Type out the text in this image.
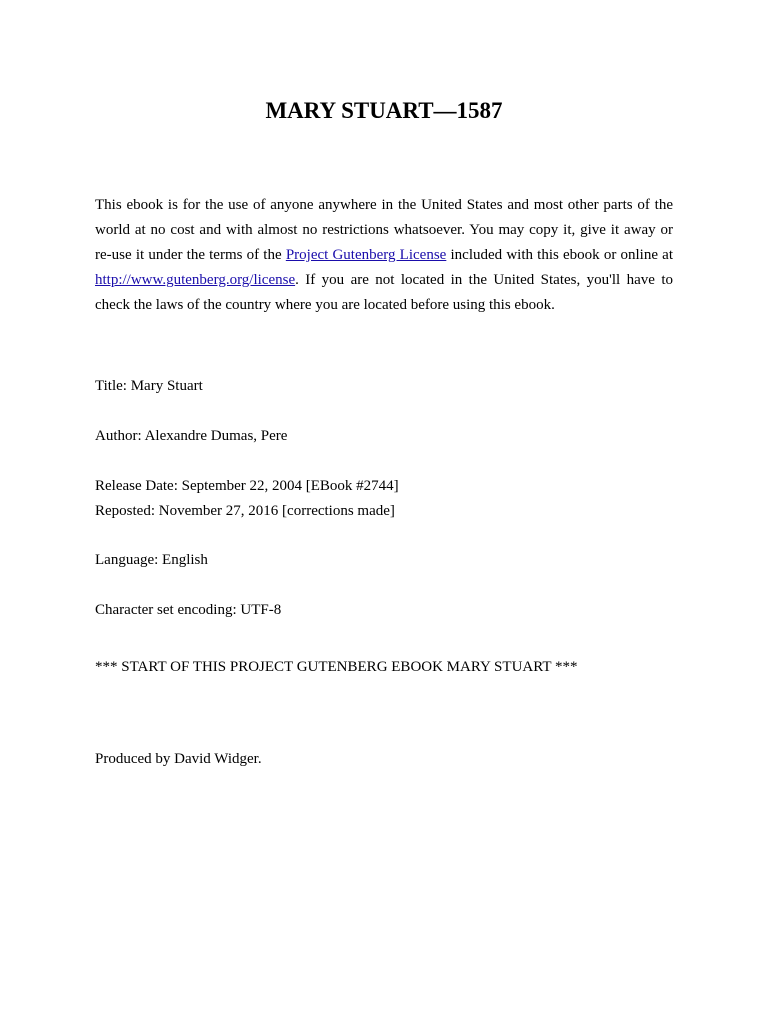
MARY STUART—1587

This ebook is for the use of anyone anywhere in the United States and most other parts of the world at no cost and with almost no restrictions whatsoever. You may copy it, give it away or re-use it under the terms of the Project Gutenberg License included with this ebook or online at http://www.gutenberg.org/license. If you are not located in the United States, you'll have to check the laws of the country where you are located before using this ebook.

Title: Mary Stuart

Author: Alexandre Dumas, Pere

Release Date: September 22, 2004 [EBook #2744]

Reposted: November 27, 2016 [corrections made]

Language: English

Character set encoding: UTF-8

*** START OF THIS PROJECT GUTENBERG EBOOK MARY STUART ***

Produced by David Widger.
